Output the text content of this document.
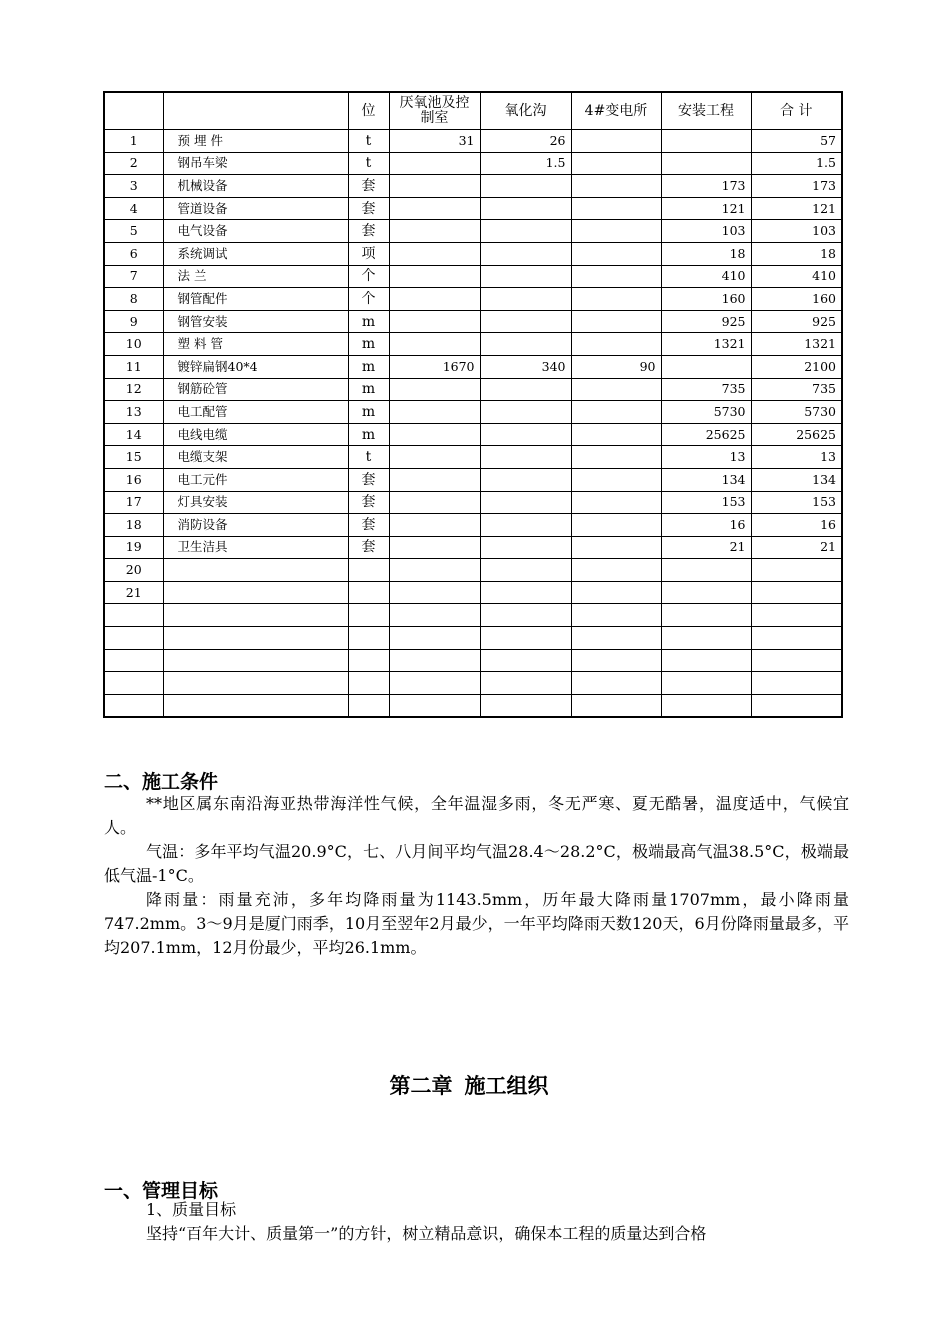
		位	厌氧池及控制室	氧化沟	4#变电所	安装工程	合 计
1	预 埋 件	t	31	26			57
2	钢吊车梁	t		1.5			1.5
3	机械设备	套				173	173
4	管道设备	套				121	121
5	电气设备	套				103	103
6	系统调试	项				18	18
7	法 兰	个				410	410
8	钢管配件	个				160	160
9	钢管安装	m				925	925
10	塑 料 管	m				1321	1321
11	镀锌扁钢40*4	m	1670	340	90		2100
12	钢筋砼管	m				735	735
13	电工配管	m				5730	5730
14	电线电缆	m				25625	25625
15	电缆支架	t				13	13
16	电工元件	套				134	134
17	灯具安装	套				153	153
18	消防设备	套				16	16
19	卫生洁具	套				21	21
20							
21							

二、施工条件

**地区属东南沿海亚热带海洋性气候，全年温湿多雨，冬无严寒、夏无酷暑，温度适中，气候宜人。

气温：多年平均气温20.9°C，七、八月间平均气温28.4～28.2°C，极端最高气温38.5°C，极端最低气温-1°C。

降雨量：雨量充沛，多年均降雨量为1143.5mm，历年最大降雨量1707mm，最小降雨量747.2mm。3～9月是厦门雨季，10月至翌年2月最少，一年平均降雨天数120天，6月份降雨量最多，平均207.1mm，12月份最少，平均26.1mm。

第二章 施工组织
一、管理目标

1、质量目标

坚持“百年大计、质量第一”的方针，树立精品意识，确保本工程的质量达到合格
